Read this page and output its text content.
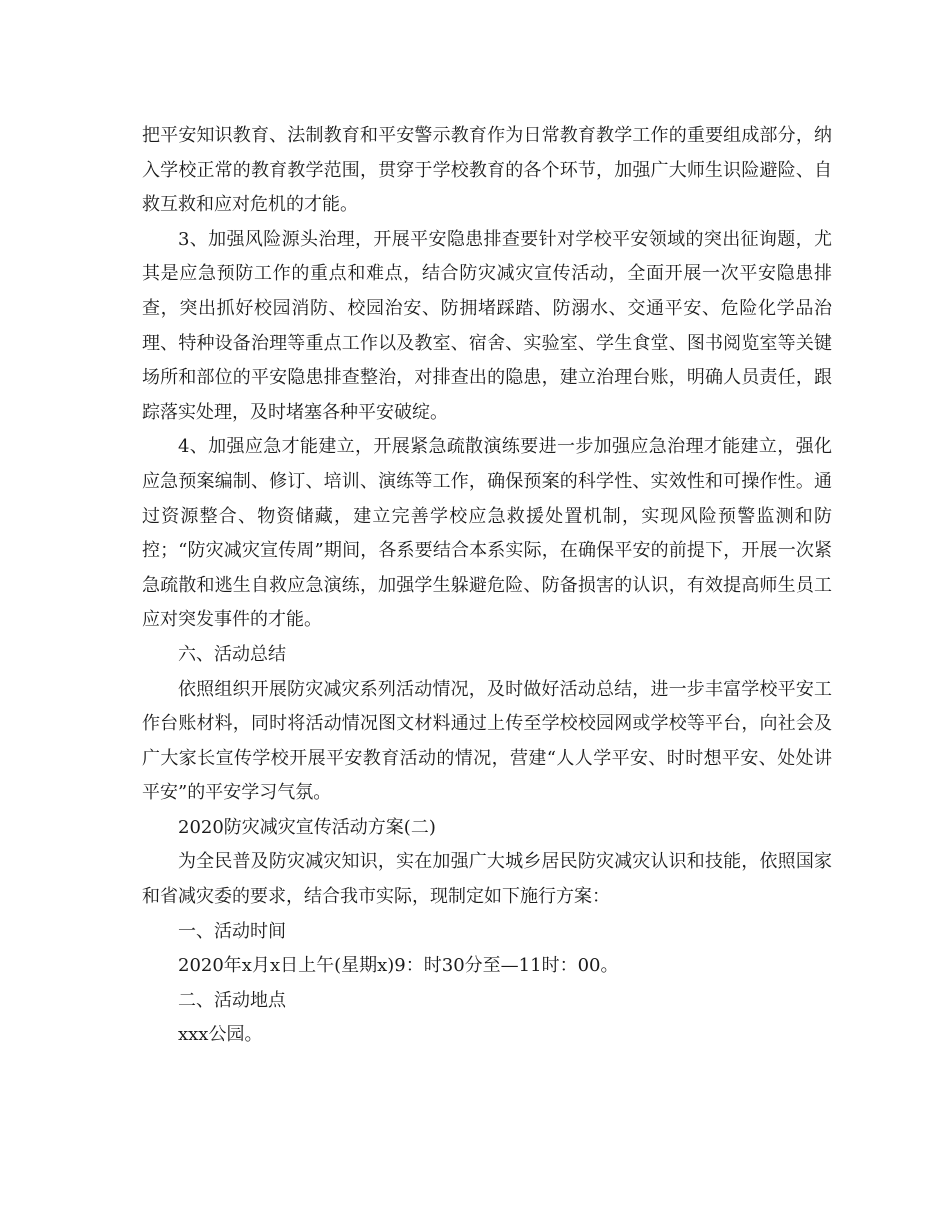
把平安知识教育、法制教育和平安警示教育作为日常教育教学工作的重要组成部分，纳入学校正常的教育教学范围，贯穿于学校教育的各个环节，加强广大师生识险避险、自救互救和应对危机的才能。

3、加强风险源头治理，开展平安隐患排查要针对学校平安领域的突出征询题，尤其是应急预防工作的重点和难点，结合防灾减灾宣传活动，全面开展一次平安隐患排查，突出抓好校园消防、校园治安、防拥堵踩踏、防溺水、交通平安、危险化学品治理、特种设备治理等重点工作以及教室、宿舍、实验室、学生食堂、图书阅览室等关键场所和部位的平安隐患排查整治，对排查出的隐患，建立治理台账，明确人员责任，跟踪落实处理，及时堵塞各种平安破绽。

4、加强应急才能建立，开展紧急疏散演练要进一步加强应急治理才能建立，强化应急预案编制、修订、培训、演练等工作，确保预案的科学性、实效性和可操作性。通过资源整合、物资储藏，建立完善学校应急救援处置机制，实现风险预警监测和防控；“防灾减灾宣传周”期间，各系要结合本系实际，在确保平安的前提下，开展一次紧急疏散和逃生自救应急演练，加强学生躲避危险、防备损害的认识，有效提高师生员工应对突发事件的才能。

六、活动总结

依照组织开展防灾减灾系列活动情况，及时做好活动总结，进一步丰富学校平安工作台账材料，同时将活动情况图文材料通过上传至学校校园网或学校等平台，向社会及广大家长宣传学校开展平安教育活动的情况，营建“人人学平安、时时想平安、处处讲平安”的平安学习气氛。

2020防灾减灾宣传活动方案(二)

为全民普及防灾减灾知识，实在加强广大城乡居民防灾减灾认识和技能，依照国家和省减灾委的要求，结合我市实际，现制定如下施行方案：

一、活动时间

2020年x月x日上午(星期x)9：时30分至—11时：00。

二、活动地点

xxx公园。
